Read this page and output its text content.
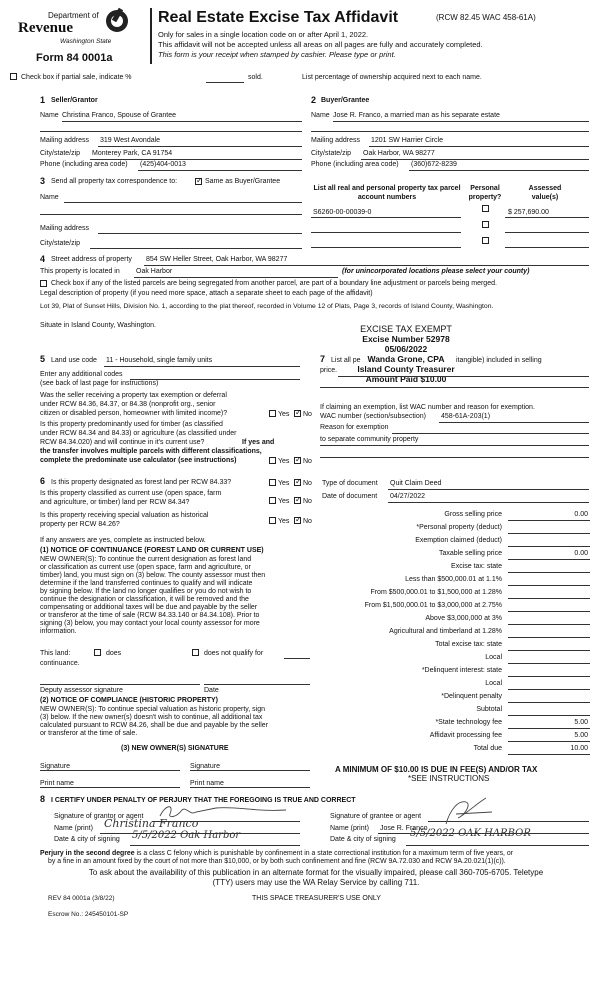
Department of
Revenue
Washington State
Form 84 0001a
Real Estate Excise Tax Affidavit	(RCW 82.45 WAC 458-61A)
Only for sales in a single location code on or after April 1, 2022.
This affidavit will not be accepted unless all areas on all pages are fully and accurately completed.
This form is your receipt when stamped by cashier. Please type or print.
Check box if partial sale, indicate %	sold.	List percentage of ownership acquired next to each name.
1 Seller/Grantor
Name Christina Franco, Spouse of Grantee
Mailing address 319 West Avondale
City/state/zip Monterey Park, CA 91754
Phone (including area code) (425)404-0013
2 Buyer/Grantee
Name Jose R. Franco, a married man as his separate estate
Mailing address 1201 SW Harrier Circle
City/state/zip Oak Harbor, WA 98277
Phone (including area code) (360)672-8239
3 Send all property tax correspondence to: ✓	Same as Buyer/Grantee
Name
Mailing address
City/state/zip
List all real and personal property tax parcel account numbers
Personal property?
Assessed value(s)
S6260-00-00039-0	$ 257,690.00
4 Street address of property 854 SW Heller Street, Oak Harbor, WA 98277
This property is located in Oak Harbor	(for unincorporated locations please select your county)
Check box if any of the listed parcels are being segregated from another parcel, are part of a boundary line adjustment or parcels being merged.
Legal description of property (if you need more space, attach a separate sheet to each page of the affidavit)
Lot 39, Plat of Sunset Hills, Division No. 1, according to the plat thereof, recorded in Volume 12 of Plats, Page 3, records of Island County, Washington.
Situate in Island County, Washington.	EXCISE TAX EXEMPT
Excise Number 52978
05/06/2022
Wanda Grone, CPA
Island County Treasurer
Amount Paid $10.00
5 Land use code 11 - Household, single family units
Enter any additional codes
(see back of last page for instructions)
Was the seller receiving a property tax exemption or deferral
under RCW 84.36, 84.37, or 84.38 (nonprofit org., senior
citizen or disabled person, homeowner with limited income)?	Yes ✓ No
Is this property predominantly used for timber (as classified
under RCW 84.34 and 84.33) or agriculture (as classified under
RCW 84.34.020) and will continue in it's current use?	If yes and
the transfer involves multiple parcels with different classifications,
complete the predominate use calculator (see instructions)	Yes ✓ No
7 List all pe	itangible) included in selling
price.
If claiming an exemption, list WAC number and reason for exemption.
WAC number (section/subsection) 458-61A-203(1)
Reason for exemption
to separate community property
6 Is this property designated as forest land per RCW 84.33?	Yes ✓ No
Is this property classified as current use (open space, farm
and agriculture, or timber) land per RCW 84.34?	Yes ✓ No
Is this property receiving special valuation as historical
property per RCW 84.26?	Yes ✓ No
If any answers are yes, complete as instructed below.
(1) NOTICE OF CONTINUANCE (FOREST LAND OR CURRENT USE)
NEW OWNER(S): To continue the current designation as forest land
or classification as current use (open space, farm and agriculture, or
timber) land, you must sign on (3) below. The county assessor must then
determine if the land transferred continues to qualify and will indicate
by signing below. If the land no longer qualifies or you do not wish to
continue the designation or classification, it will be removed and the
compensating or additional taxes will be due and payable by the seller
or transferor at the time of sale (RCW 84.33.140 or 84.34.108). Prior to
signing (3) below, you may contact your local county assessor for more
information.
This land:	does	does not qualify for
continuance.
Deputy assessor signature	Date
(2) NOTICE OF COMPLIANCE (HISTORIC PROPERTY)
NEW OWNER(S): To continue special valuation as historic property, sign
(3) below. If the new owner(s) doesn't wish to continue, all additional tax
calculated pursuant to RCW 84.26, shall be due and payable by the seller
or transferor at the time of sale.
(3) NEW OWNER(S) SIGNATURE
Signature	Signature
Print name	Print name
Type of document Quit Claim Deed
Date of document 04/27/2022
Gross selling price	0.00
*Personal property (deduct)
Exemption claimed (deduct)
Taxable selling price	0.00
Excise tax: state
Less than $500,000.01 at 1.1%
From $500,000.01 to $1,500,000 at 1.28%
From $1,500,000.01 to $3,000,000 at 2.75%
Above $3,000,000 at 3%
Agricultural and timberland at 1.28%
Total excise tax: state
Local
*Delinquent interest: state
Local
*Delinquent penalty
Subtotal
*State technology fee	5.00
Affidavit processing fee	5.00
Total due	10.00
A MINIMUM OF $10.00 IS DUE IN FEE(S) AND/OR TAX
*SEE INSTRUCTIONS
8 I CERTIFY UNDER PENALTY OF PERJURY THAT THE FOREGOING IS TRUE AND CORRECT
Signature of grantor or agent
Name (print) Christina Franco
Date & city of signing 5/5/2022 Oak Harbor
Signature of grantee or agent
Name (print) Jose R. Franco
Date & city of signing
5/5/2022 OAK HARBOR
Perjury in the second degree is a class C felony which is punishable by confinement in a state correctional institution for a maximum term of five years, or
by a fine in an amount fixed by the court of not more than $10,000, or by both such confinement and fine (RCW 9A.72.030 and RCW 9A.20.021(1)(c)).
To ask about the availability of this publication in an alternate format for the visually impaired, please call 360-705-6705. Teletype
(TTY) users may use the WA Relay Service by calling 711.
REV 84 0001a (3/8/22)	THIS SPACE TREASURER'S USE ONLY
Escrow No.: 245450101-SP
